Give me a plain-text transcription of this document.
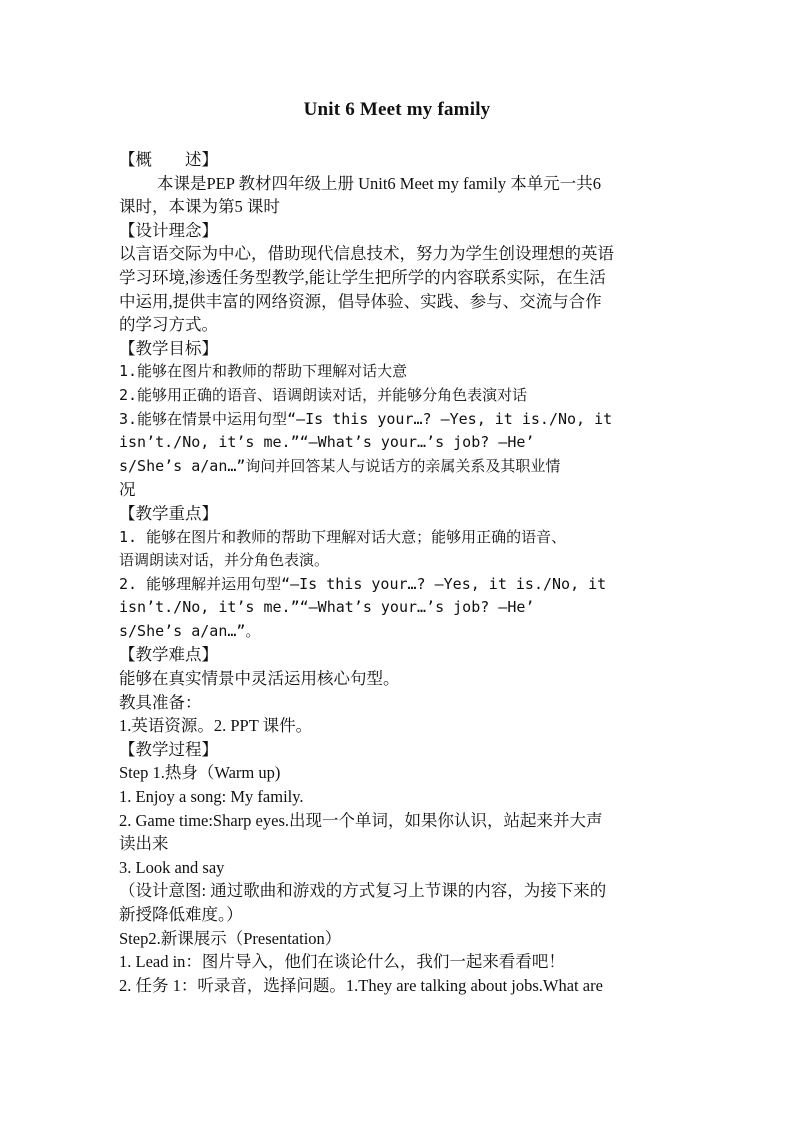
Unit 6 Meet my family
【概　　述】
本课是PEP 教材四年级上册 Unit6 Meet my family 本单元一共6
课时，本课为第5 课时
【设计理念】
以言语交际为中心，借助现代信息技术，努力为学生创设理想的英语
学习环境,渗透任务型教学,能让学生把所学的内容联系实际，在生活
中运用,提供丰富的网络资源，倡导体验、实践、参与、交流与合作
的学习方式。
【教学目标】
1.能够在图片和教师的帮助下理解对话大意
2.能够用正确的语音、语调朗读对话，并能够分角色表演对话
3.能够在情景中运用句型“—Is this your…? —Yes, it is./No, it
isn’t./No, it’s me.”“—What’s your…’s job? —He’
s/She’s a/an…”询问并回答某人与说话方的亲属关系及其职业情
况
【教学重点】
1. 能够在图片和教师的帮助下理解对话大意；能够用正确的语音、
语调朗读对话，并分角色表演。
2. 能够理解并运用句型“—Is this your…? —Yes, it is./No, it
isn’t./No, it’s me.”“—What’s your…’s job? —He’
s/She’s a/an…”。
【教学难点】
能够在真实情景中灵活运用核心句型。
教具准备：
1.英语资源。2. PPT 课件。
【教学过程】
Step 1.热身（Warm up)
1. Enjoy a song: My family.
2. Game time:Sharp eyes.出现一个单词，如果你认识，站起来并大声
读出来
3. Look and say
（设计意图: 通过歌曲和游戏的方式复习上节课的内容，为接下来的
新授降低难度。）
Step2.新课展示（Presentation）
1. Lead in：图片导入，他们在谈论什么，我们一起来看看吧！
2. 任务 1：听录音，选择问题。1.They are talking about jobs.What are
